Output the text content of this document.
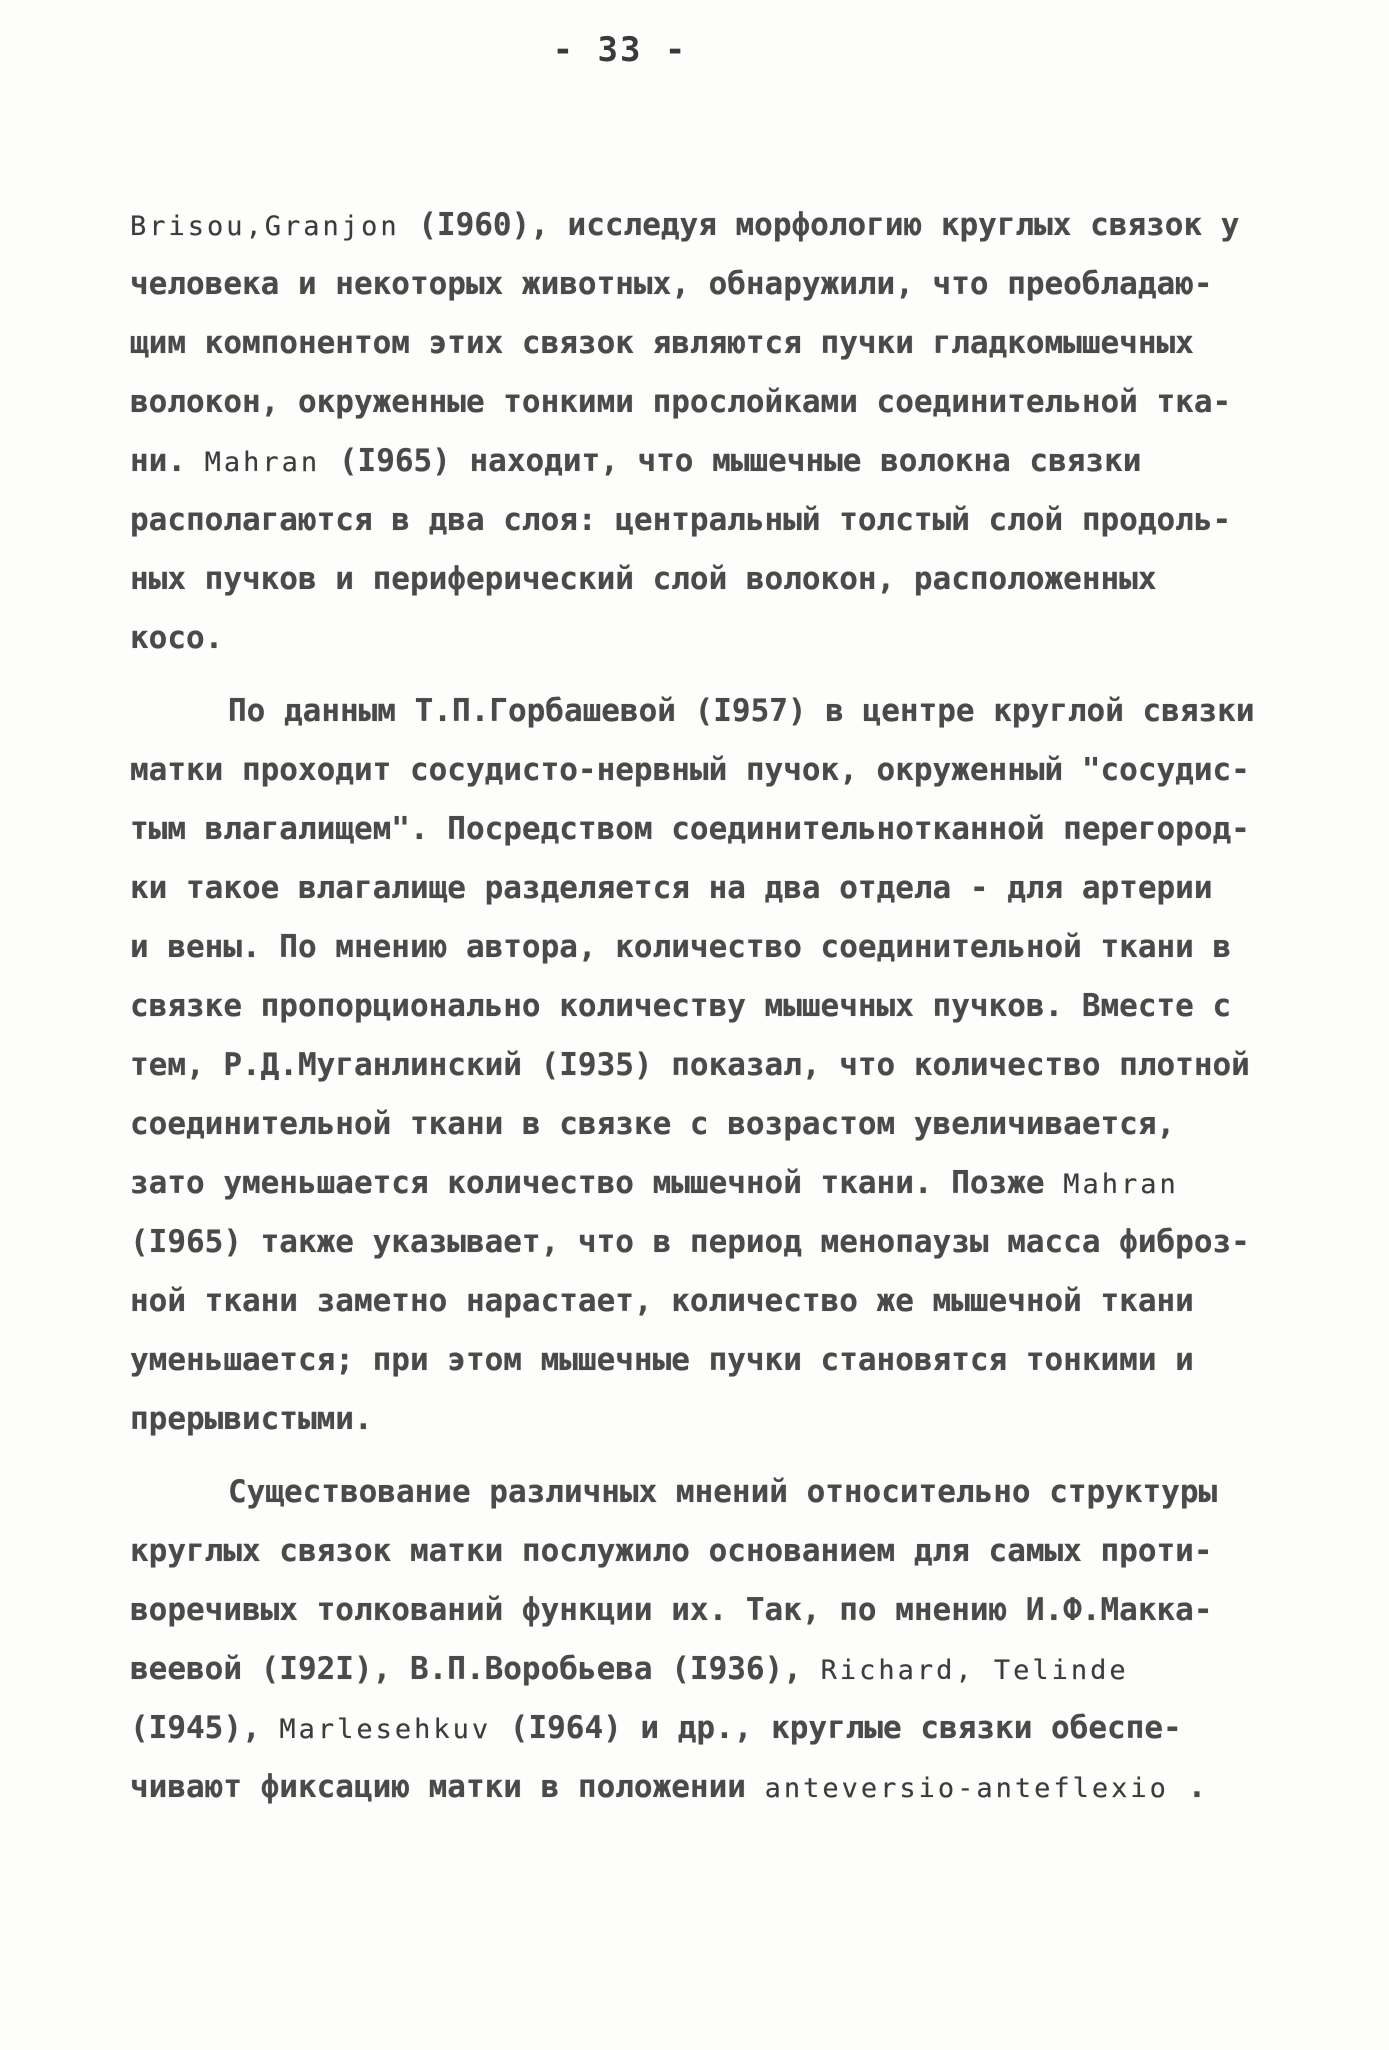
- 33 -
Brisou,Granjon (I960), исследуя морфологию круглых связок у
человека и некоторых животных, обнаружили, что преобладаю-
щим компонентом этих связок являются пучки гладкомышечных
волокон, окруженные тонкими прослойками соединительной тка-
ни. Mahran (I965) находит, что мышечные волокна связки
располагаются в два слоя: центральный толстый слой продоль-
ных пучков и периферический слой волокон, расположенных
косо.
По данным Т.П.Горбашевой (I957) в центре круглой связки
матки проходит сосудисто-нервный пучок, окруженный "сосудис-
тым влагалищем". Посредством соединительнотканной перегород-
ки такое влагалище разделяется на два отдела - для артерии
и вены. По мнению автора, количество соединительной ткани в
связке пропорционально количеству мышечных пучков. Вместе с
тем, Р.Д.Муганлинский (I935) показал, что количество плотной
соединительной ткани в связке с возрастом увеличивается,
зато уменьшается количество мышечной ткани. Позже Mahran
(I965) также указывает, что в период менопаузы масса фиброз-
ной ткани заметно нарастает, количество же мышечной ткани
уменьшается; при этом мышечные пучки становятся тонкими и
прерывистыми.
Существование различных мнений относительно структуры
круглых связок матки послужило основанием для самых проти-
воречивых толкований функции их. Так, по мнению И.Ф.Макка-
веевой (I92I), В.П.Воробьева (I936), Richard, Telinde
(I945), Marlesehkuv (I964) и др., круглые связки обеспе-
чивают фиксацию матки в положении anteversio-anteflexio .
